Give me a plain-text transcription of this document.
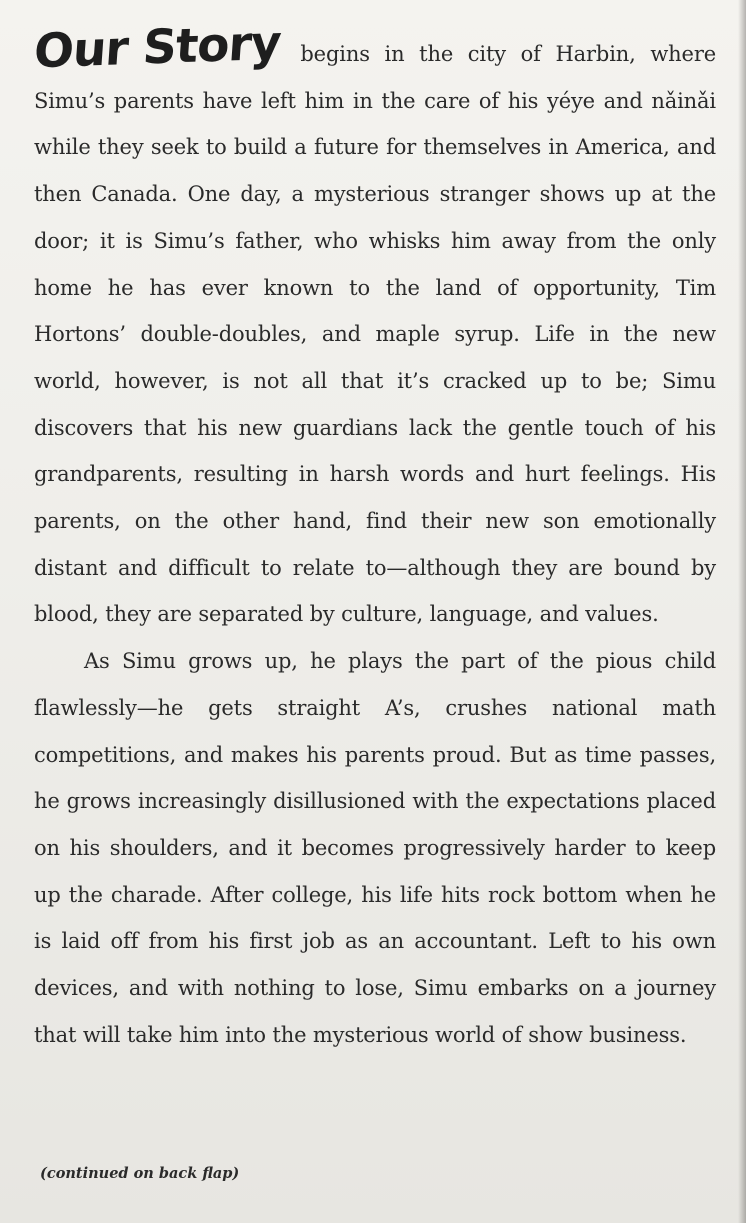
Our Story begins in the city of Harbin, where Simu’s parents have left him in the care of his yéye and nǎinǎi while they seek to build a future for themselves in America, and then Canada. One day, a mysterious stranger shows up at the door; it is Simu’s father, who whisks him away from the only home he has ever known to the land of opportunity, Tim Hortons’ double-doubles, and maple syrup. Life in the new world, however, is not all that it’s cracked up to be; Simu discovers that his new guardians lack the gentle touch of his grandparents, resulting in harsh words and hurt feelings. His parents, on the other hand, find their new son emotionally distant and difficult to relate to—although they are bound by blood, they are separated by culture, language, and values.

As Simu grows up, he plays the part of the pious child flawlessly—he gets straight A’s, crushes national math competitions, and makes his parents proud. But as time passes, he grows increasingly disillusioned with the expectations placed on his shoulders, and it becomes progressively harder to keep up the charade. After college, his life hits rock bottom when he is laid off from his first job as an accountant. Left to his own devices, and with nothing to lose, Simu embarks on a journey that will take him into the mysterious world of show business.

(continued on back flap)
